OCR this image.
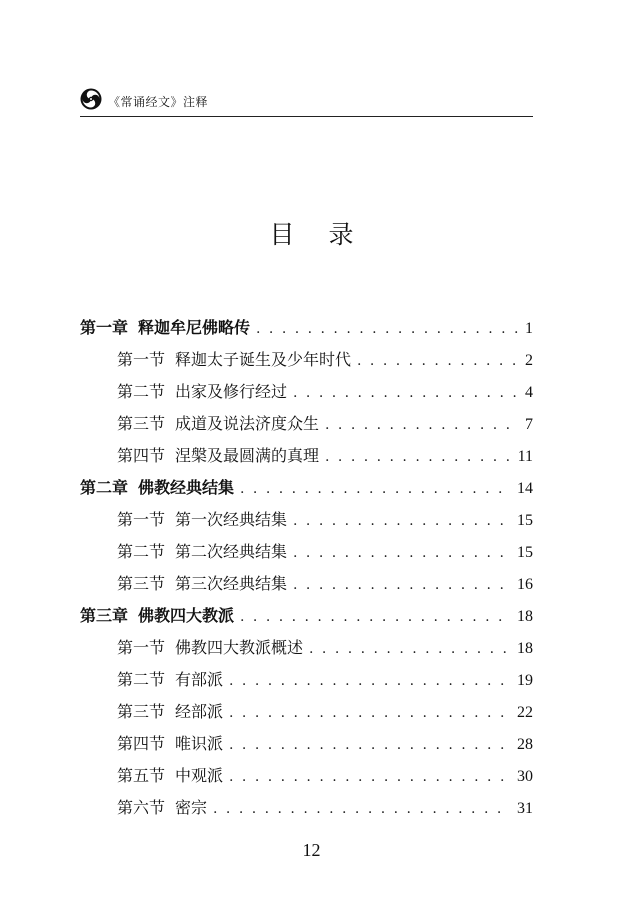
《常诵经文》注释
目录
第一章 释迦牟尼佛略传 . . .	1
第一节 释迦太子诞生及少年时代 . . .	2
第二节 出家及修行经过 . . .	4
第三节 成道及说法济度众生 . . .	7
第四节 涅槃及最圆满的真理 . . .	11
第二章 佛教经典结集 . . .	14
第一节 第一次经典结集 . . .	15
第二节 第二次经典结集 . . .	15
第三节 第三次经典结集 . . .	16
第三章 佛教四大教派 . . .	18
第一节 佛教四大教派概述 . . .	18
第二节 有部派 . . .	19
第三节 经部派 . . .	22
第四节 唯识派 . . .	28
第五节 中观派 . . .	30
第六节 密宗 . . .	31
12
